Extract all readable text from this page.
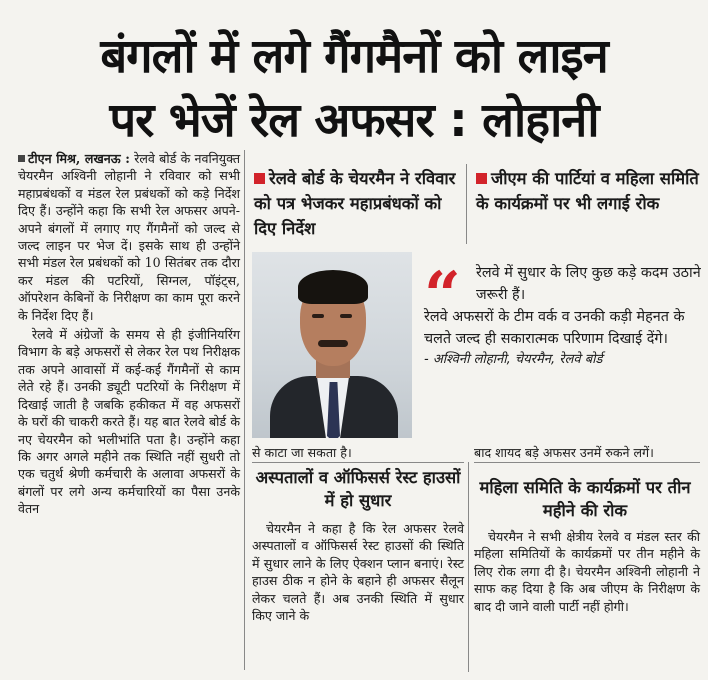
बंगलों में लगे गैंगमैनों को लाइन
पर भेजें रेल अफसर : लोहानी

टीएन मिश्र, लखनऊ : रेलवे बोर्ड के नवनियुक्त चेयरमैन अश्विनी लोहानी ने रविवार को सभी महाप्रबंधकों व मंडल रेल प्रबंधकों को कड़े निर्देश दिए हैं। उन्होंने कहा कि सभी रेल अफसर अपने-अपने बंगलों में लगाए गए गैंगमैनों को जल्द से जल्द लाइन पर भेज दें। इसके साथ ही उन्होंने सभी मंडल रेल प्रबंधकों को 10 सितंबर तक दौरा कर मंडल की पटरियों, सिग्नल, पॉइंट्स, ऑपरेशन केबिनों के निरीक्षण का काम पूरा करने के निर्देश दिए हैं।

रेलवे में अंग्रेजों के समय से ही इंजीनियरिंग विभाग के बड़े अफसरों से लेकर रेल पथ निरीक्षक तक अपने आवासों में कई-कई गैंगमैनों से काम लेते रहे हैं। उनकी ड्यूटी पटरियों के निरीक्षण में दिखाई जाती है जबकि हकीकत में वह अफसरों के घरों की चाकरी करते हैं। यह बात रेलवे बोर्ड के नए चेयरमैन को भलीभांति पता है। उन्होंने कहा कि अगर अगले महीने तक स्थिति नहीं सुधरी तो एक चतुर्थ श्रेणी कर्मचारी के अलावा अफसरों के बंगलों पर लगे अन्य कर्मचारियों का पैसा उनके वेतन

रेलवे बोर्ड के चेयरमैन ने रविवार को पत्र भेजकर महाप्रबंधकों को दिए निर्देश
जीएम की पार्टियां व महिला समिति के कार्यक्रमों पर भी लगाई रोक
“ रेलवे में सुधार के लिए कुछ कड़े कदम उठाने जरूरी हैं।
रेलवे अफसरों के टीम वर्क व उनकी कड़ी मेहनत के चलते जल्द ही सकारात्मक परिणाम दिखाई देंगे।
- अश्विनी लोहानी, चेयरमैन, रेलवे बोर्ड
से काटा जा सकता है।	बाद शायद बड़े अफसर उनमें रुकने लगें।
अस्पतालों व ऑफिसर्स रेस्ट हाउसों में हो सुधार

चेयरमैन ने कहा है कि रेल अफसर रेलवे अस्पतालों व ऑफिसर्स रेस्ट हाउसों की स्थिति में सुधार लाने के लिए ऐक्शन प्लान बनाएं। रेस्ट हाउस ठीक न होने के बहाने ही अफसर सैलून लेकर चलते हैं। अब उनकी स्थिति में सुधार किए जाने के

महिला समिति के कार्यक्रमों पर तीन महीने की रोक

चेयरमैन ने सभी क्षेत्रीय रेलवे व मंडल स्तर की महिला समितियों के कार्यक्रमों पर तीन महीने के लिए रोक लगा दी है। चेयरमैन अश्विनी लोहानी ने साफ कह दिया है कि अब जीएम के निरीक्षण के बाद दी जाने वाली पार्टी नहीं होगी।
